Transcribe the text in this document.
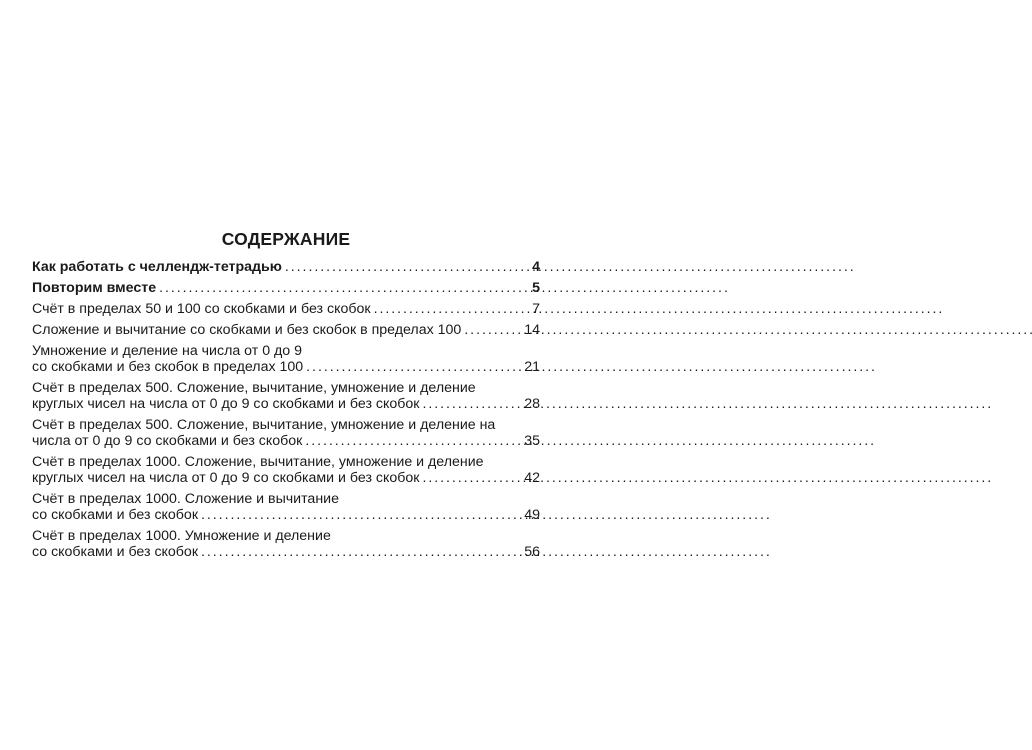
СОДЕРЖАНИЕ
Как работать с челлендж-тетрадью . . .	4
Повторим вместе . . .	5
Счёт в пределах 50 и 100 со скобками и без скобок . . .	7
Сложение и вычитание со скобками и без скобок в пределах 100 . . .	14
Умножение и деление на числа от 0 до 9
со скобками и без скобок в пределах 100 . . .	21
Счёт в пределах 500. Сложение, вычитание, умножение и деление
круглых чисел на числа от 0 до 9 со скобками и без скобок . . .	28
Счёт в пределах 500. Сложение, вычитание, умножение и деление на
числа от 0 до 9 со скобками и без скобок . . .	35
Счёт в пределах 1000. Сложение, вычитание, умножение и деление
круглых чисел на числа от 0 до 9 со скобками и без скобок . . .	42
Счёт в пределах 1000. Сложение и вычитание
со скобками и без скобок . . .	49
Счёт в пределах 1000. Умножение и деление
со скобками и без скобок . . .	56
